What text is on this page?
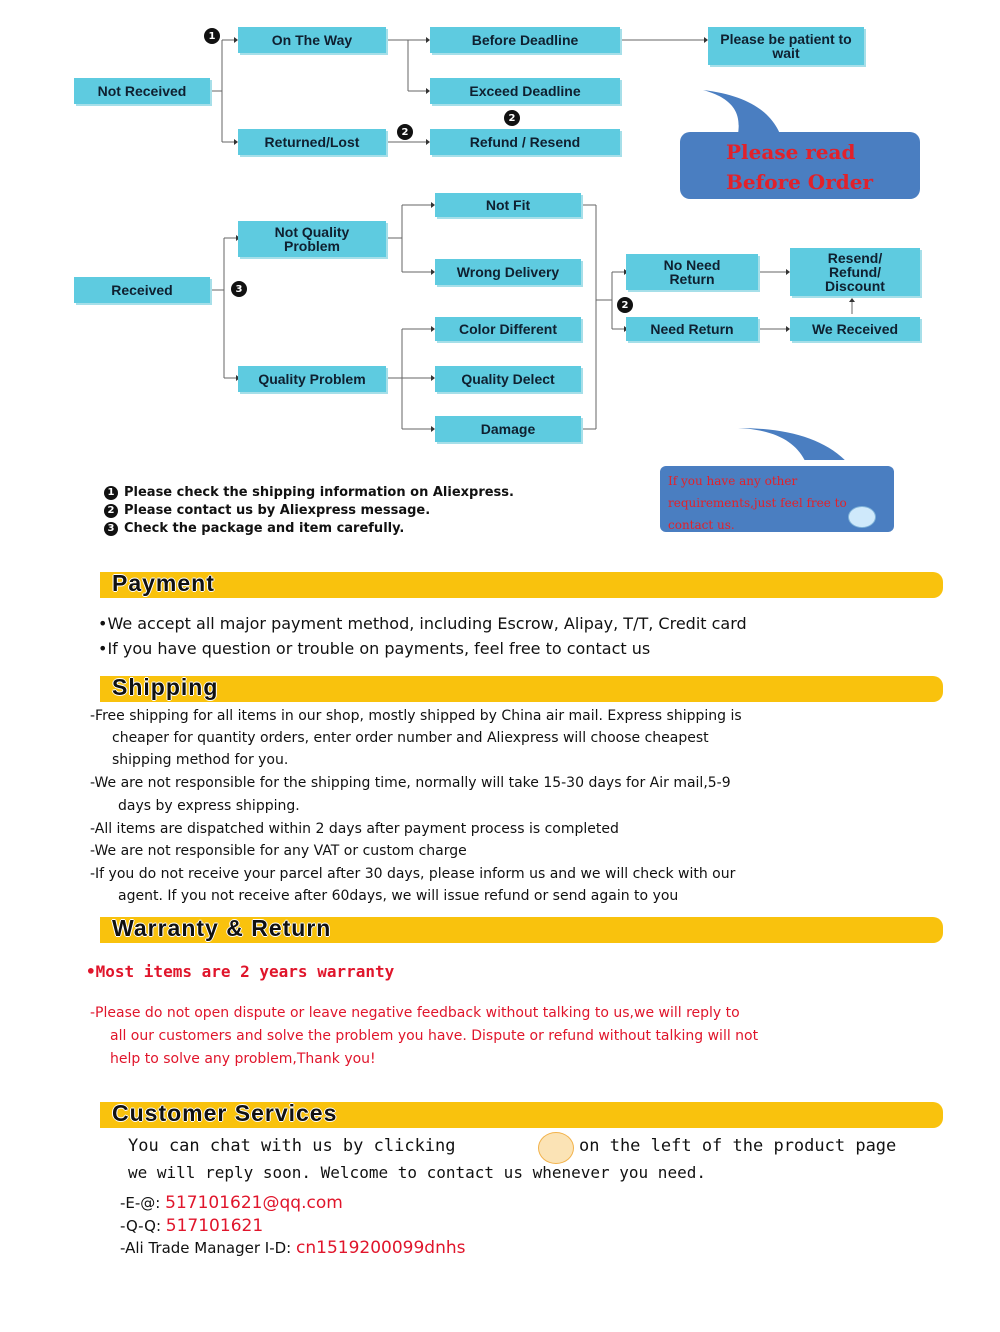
Not Received
1	On The Way	Before Deadline	Please be patient to wait
Exceed Deadline
2
2
Returned/Lost	Refund / Resend	Please read
Before Order
Received	3
Not Quality Problem
Quality Problem
Not Fit
Wrong Delivery
Color Different
Quality Delect
Damage
2
No Need Return
Need Return
Resend/ Refund/ Discount
We Received
If you have any other requirements,just feel free to contact us.
1 Please check the shipping information on Aliexpress.
2 Please contact us by Aliexpress message.
3 Check the package and item carefully.
Payment
•We accept all major payment method, including Escrow, Alipay, T/T, Credit card
•If you have question or trouble on payments, feel free to contact us
Shipping
-Free shipping for all items in our shop, mostly shipped by China air mail. Express shipping is
cheaper for quantity orders, enter order number and Aliexpress will choose cheapest
shipping method for you.
-We are not responsible for the shipping time, normally will take 15-30 days for Air mail,5-9
days by express shipping.
-All items are dispatched within 2 days after payment process is completed
-We are not responsible for any VAT or custom charge
-If you do not receive your parcel after 30 days, please inform us and we will check with our
agent. If you not receive after 60days, we will issue refund or send again to you
Warranty & Return
•Most items are 2 years warranty
-Please do not open dispute or leave negative feedback without talking to us,we will reply to
all our customers and solve the problem you have. Dispute or refund without talking will not
help to solve any problem,Thank you!
Customer Services
You can chat with us by clicking	on the left of the product page
we will reply soon. Welcome to contact us whenever you need.
-E-@: 517101621@qq.com
-Q-Q: 517101621
-Ali Trade Manager I-D: cn1519200099dnhs
